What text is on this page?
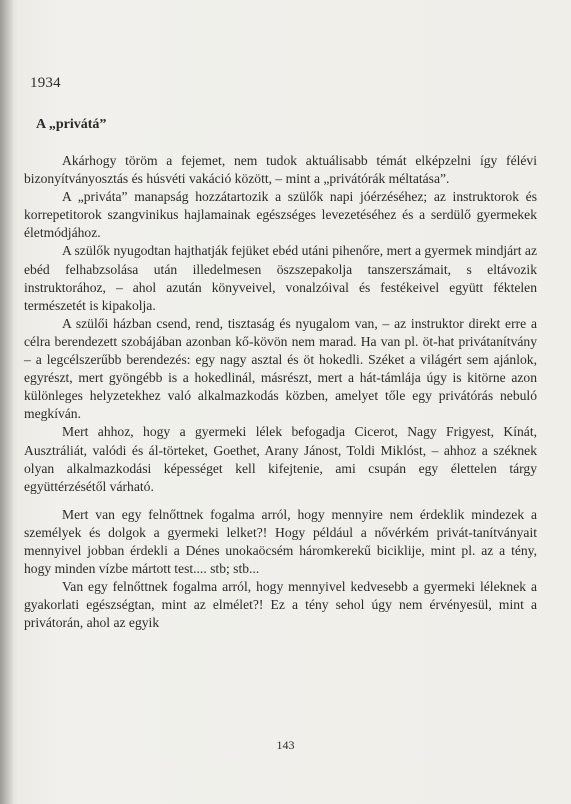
1934
A „privátá”

Akárhogy töröm a fejemet, nem tudok aktuálisabb témát elképzelni így félévi bizonyítványosztás és húsvéti vakáció között, – mint a „privátórák méltatása”.

A „priváta” manapság hozzátartozik a szülők napi jóérzéséhez; az instruktorok és korrepetitorok szangvinikus hajlamainak egészséges levezetéséhez és a serdülő gyermekek életmódjához.

A szülők nyugodtan hajthatják fejüket ebéd utáni pihenőre, mert a gyermek mindjárt az ebéd felhabzsolása után illedelmesen öszszepakolja tanszerszámait, s eltávozik instruktorához, – ahol azután könyveivel, vonalzóival és festékeivel együtt féktelen természetét is kipakolja.

A szülői házban csend, rend, tisztaság és nyugalom van, – az instruktor direkt erre a célra berendezett szobájában azonban kő-kövön nem marad. Ha van pl. öt-hat privátanítvány – a legcélszerűbb berendezés: egy nagy asztal és öt hokedli. Széket a világért sem ajánlok, egyrészt, mert gyöngébb is a hokedlinál, másrészt, mert a hát-támlája úgy is kitörne azon különleges helyzetekhez való alkalmazkodás közben, amelyet tőle egy privátórás nebuló megkíván.

Mert ahhoz, hogy a gyermeki lélek befogadja Cicerot, Nagy Frigyest, Kínát, Ausztráliát, valódi és ál-törteket, Goethet, Arany Jánost, Toldi Miklóst, – ahhoz a széknek olyan alkalmazkodási képességet kell kifejtenie, ami csupán egy élettelen tárgy együttérzésétől várható.

Mert van egy felnőttnek fogalma arról, hogy mennyire nem érdeklik mindezek a személyek és dolgok a gyermeki lelket?! Hogy például a nővérkém privát-tanítványait mennyivel jobban érdekli a Dénes unokaöcsém háromkerekű biciklije, mint pl. az a tény, hogy minden vízbe mártott test.... stb; stb...

Van egy felnőttnek fogalma arról, hogy mennyivel kedvesebb a gyermeki léleknek a gyakorlati egészségtan, mint az elmélet?! Ez a tény sehol úgy nem érvényesül, mint a privátorán, ahol az egyik

143
